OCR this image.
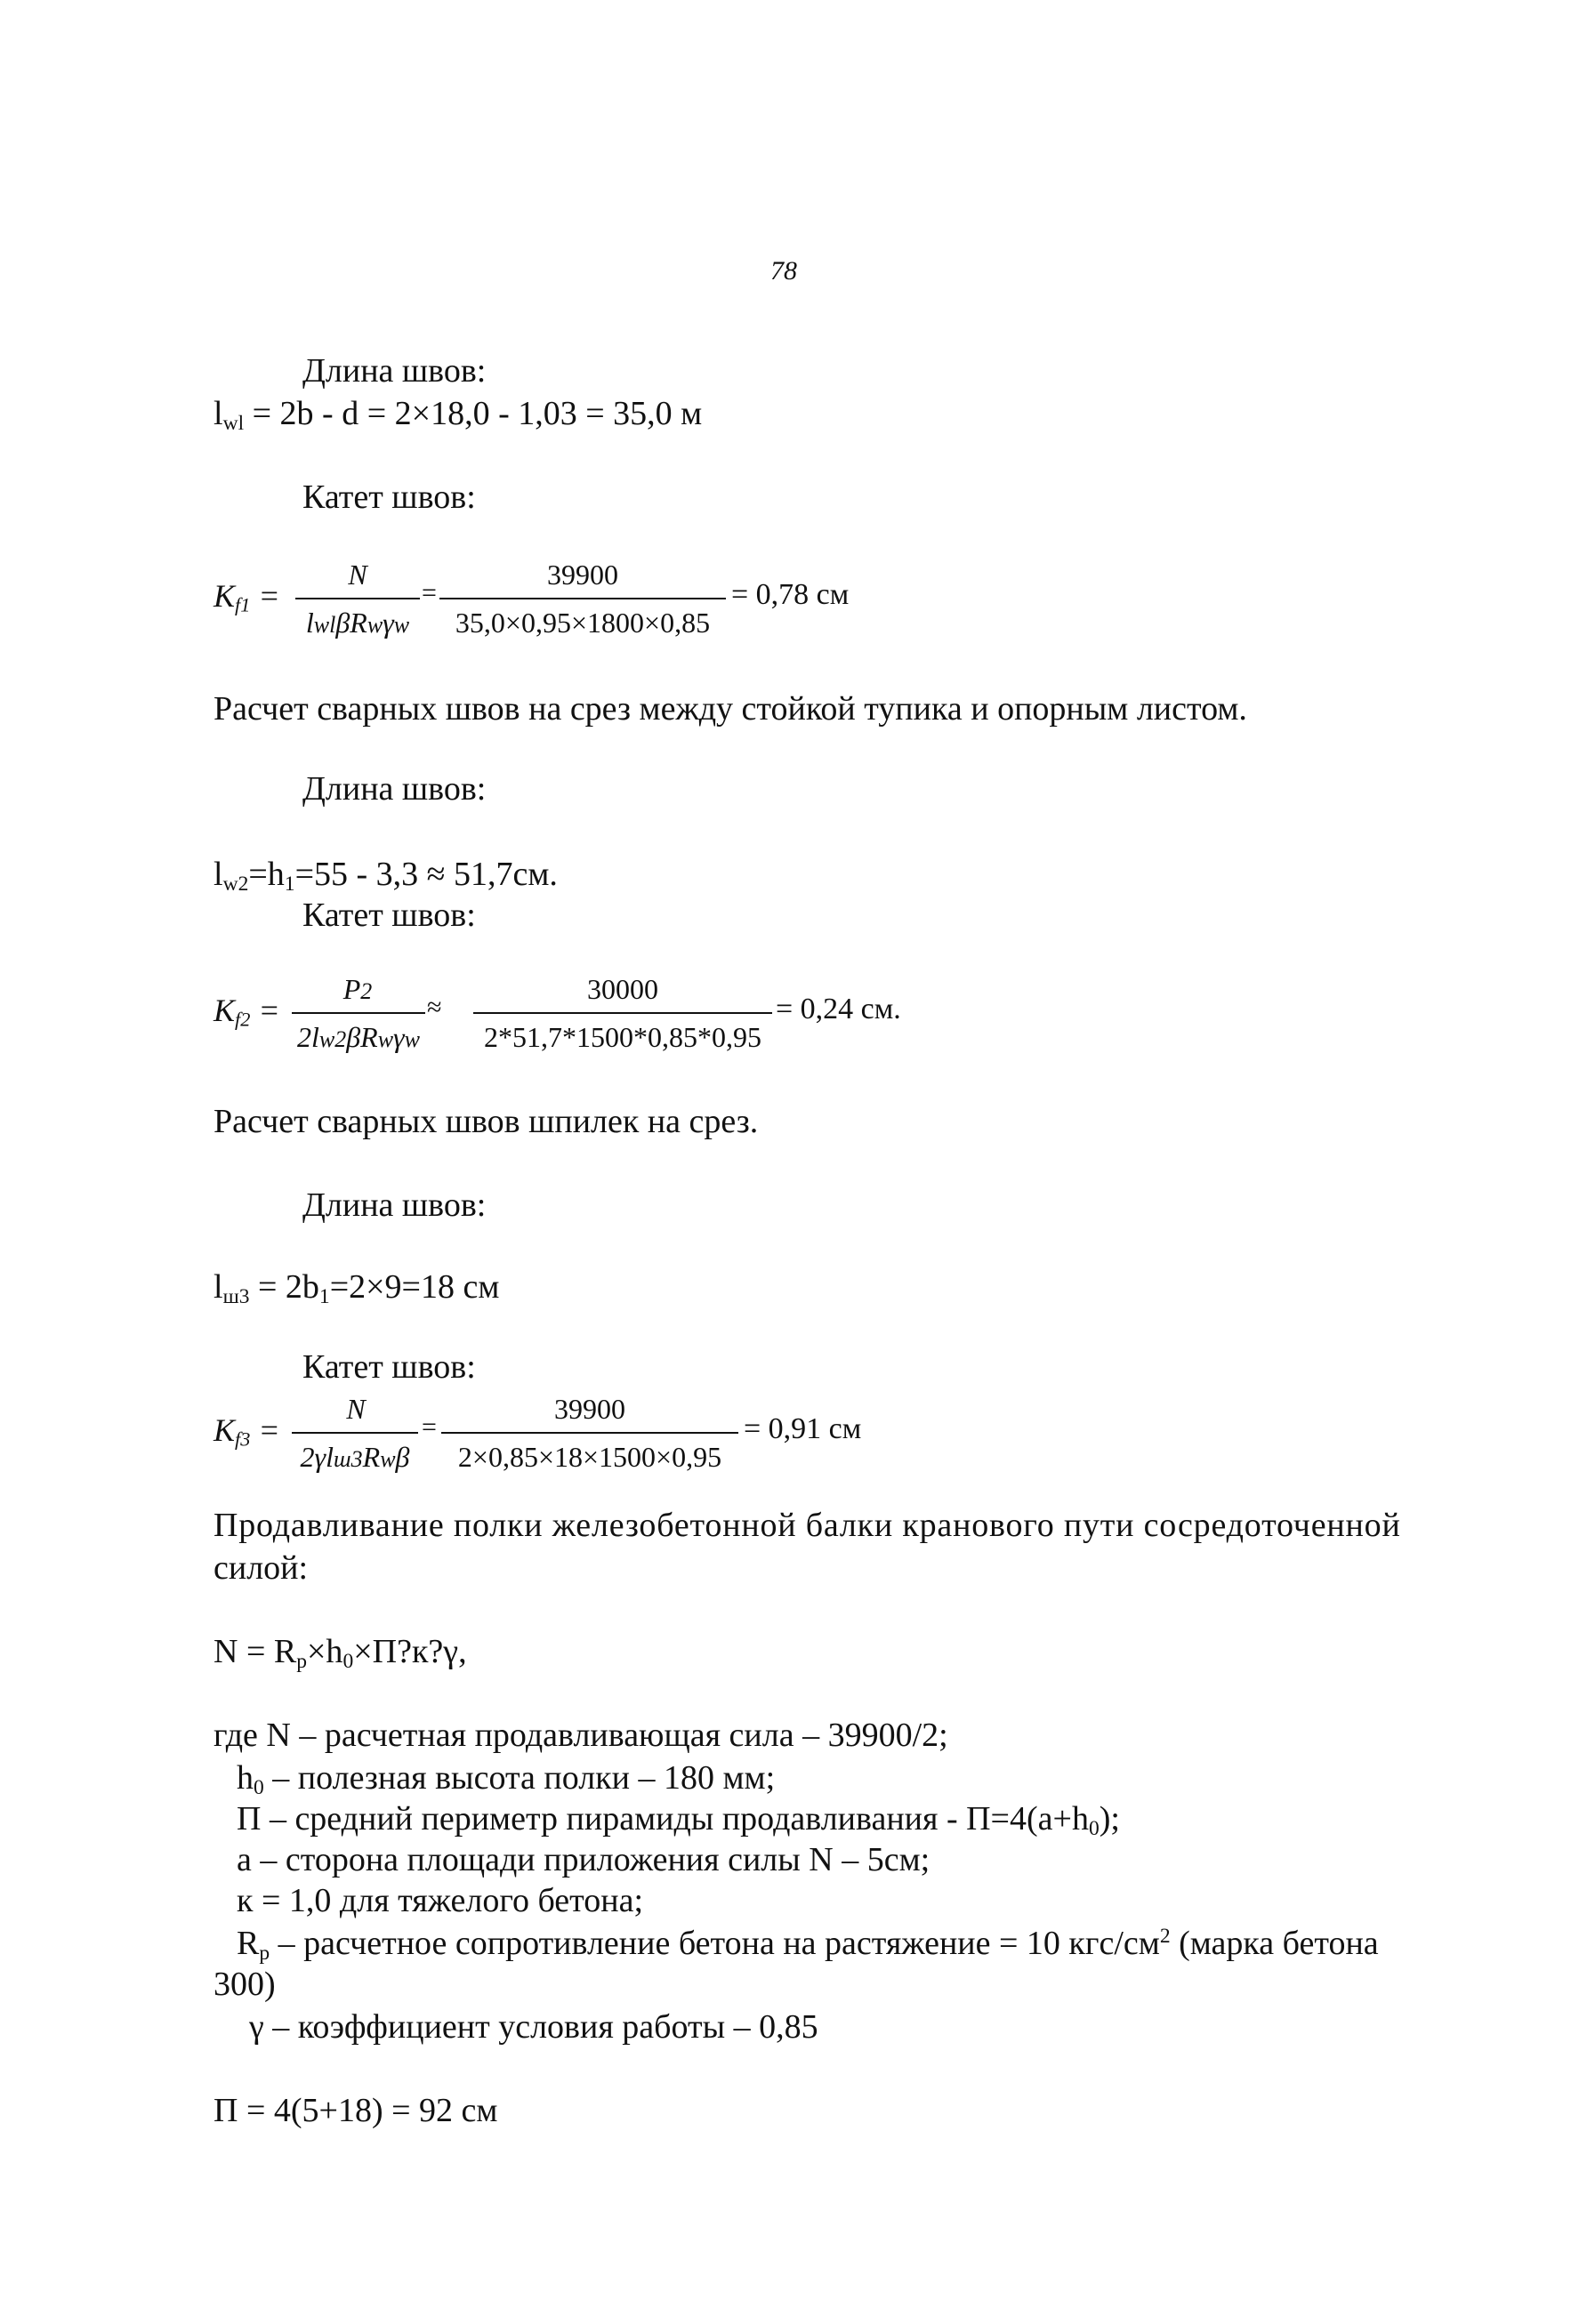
78
Длина швов:
$l_{wl} = 2b - d = 2\times 18,0 - 1,03 = 35,0$ м
Катет швов:
$K_{f1}$ =
N
lwlβRwγw
=
39900
35,0×0,95×1800×0,85
= 0,78 см
Расчет сварных швов на срез между стойкой тупика и опорным листом.
Длина швов:
$l_{w2}=h_1=55 - 3,3 \approx 51,7см$.
Катет швов:
$K_{f2}$ =
P2
2lw2βRwγw
≈
30000
2*51,7*1500*0,85*0,95
= 0,24 см.
Расчет сварных швов шпилек на срез.
Длина швов:
$l_{ш3} = 2b_1=2\times 9=18$ см
Катет швов:
$K_{f3}$ =
N
2γlш3Rwβ
=
39900
2×0,85×18×1500×0,95
= 0,91 см
Продавливание полки железобетонной балки кранового пути сосредоточенной
силой:
$N = R_p\times h_0\times П?к?\gamma$,
где N – расчетная продавливающая сила – 39900/2;
$h_0$ – полезная высота полки – 180 мм;
П – средний периметр пирамиды продавливания - $П=4(a+h_0)$;
а – сторона площади приложения силы N – 5см;
к = 1,0 для тяжелого бетона;
$R_p$ – расчетное сопротивление бетона на растяжение = 10 кгс/$см^2$ (марка бетона
300)
γ – коэффициент условия работы – 0,85
П = 4(5+18) = 92 см
